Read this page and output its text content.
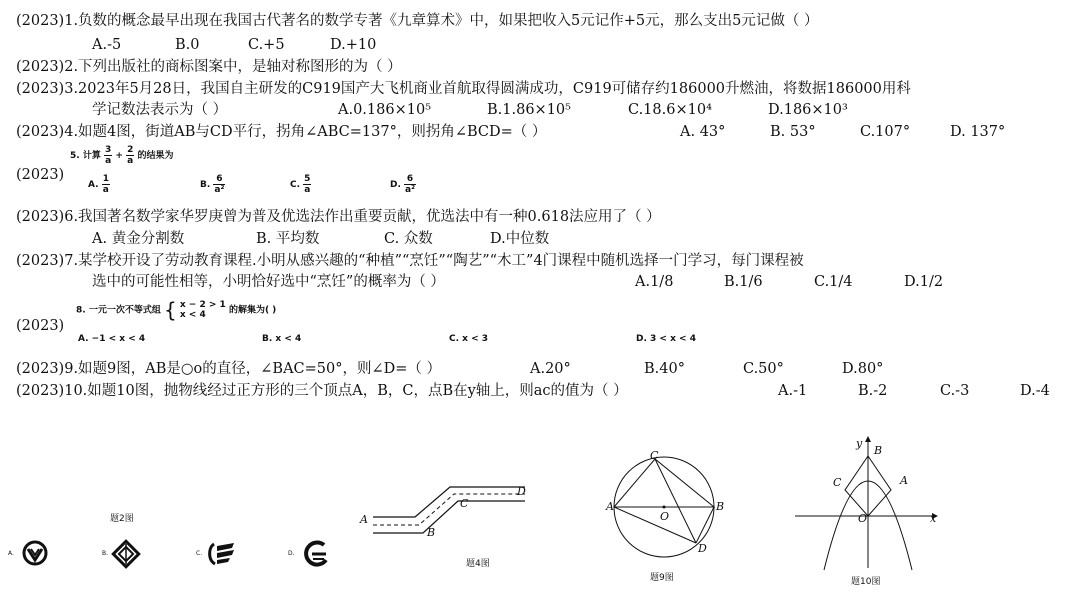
(2023)1.负数的概念最早出现在我国古代著名的数学专著《九章算术》中，如果把收入5元记作+5元，那么支出5元记做（ ）
A.-5	B.0	C.+5	D.+10
(2023)2.下列出版社的商标图案中，是轴对称图形的为（ ）
(2023)3.2023年5月28日，我国自主研发的C919国产大飞机商业首航取得圆满成功，C919可储存约186000升燃油，将数据186000用科
学记数法表示为（ ）	A.0.186×10⁵	B.1.86×10⁵	C.18.6×10⁴	D.186×10³
(2023)4.如题4图，街道AB与CD平行，拐角∠ABC=137°，则拐角∠BCD=（ ）	A. 43°	B. 53°	C.107°	D. 137°
(2023)
5. 计算 $\frac{3}{a} + \frac{2}{a}$ 的结果为
A. $\frac{1}{a}$	B. $\frac{6}{\text{a²}}$	C. $\frac{5}{a}$	D. $\frac{6}{\text{a²}}$
(2023)6.我国著名数学家华罗庚曾为普及优选法作出重要贡献，优选法中有一种0.618法应用了（ ）
A. 黄金分割数	B. 平均数	C. 众数	D.中位数
(2023)7.某学校开设了劳动教育课程.小明从感兴趣的“种植”“烹饪”“陶艺”“木工”4门课程中随机选择一门学习，每门课程被
选中的可能性相等，小明恰好选中“烹饪”的概率为（ ）	A.1/8	B.1/6	C.1/4	D.1/2
(2023)
8. 一元一次不等式组 { x − 2 > 1
x < 4	的解集为( )
A. −1 < x < 4	B. x < 4	C. x < 3	D. 3 < x < 4
(2023)9.如题9图，AB是○o的直径，∠BAC=50°，则∠D=（ ）	A.20°	B.40°	C.50°	D.80°
(2023)10.如题10图，抛物线经过正方形的三个顶点A，B，C，点B在y轴上，则ac的值为（ ）	A.-1	B.-2	C.-3	D.-4
题2图
A.	B.	C.	D.
A
B
C
D
题4图
C
A	B
O
D
题9图
y
B
C	A
O	x
题10图
